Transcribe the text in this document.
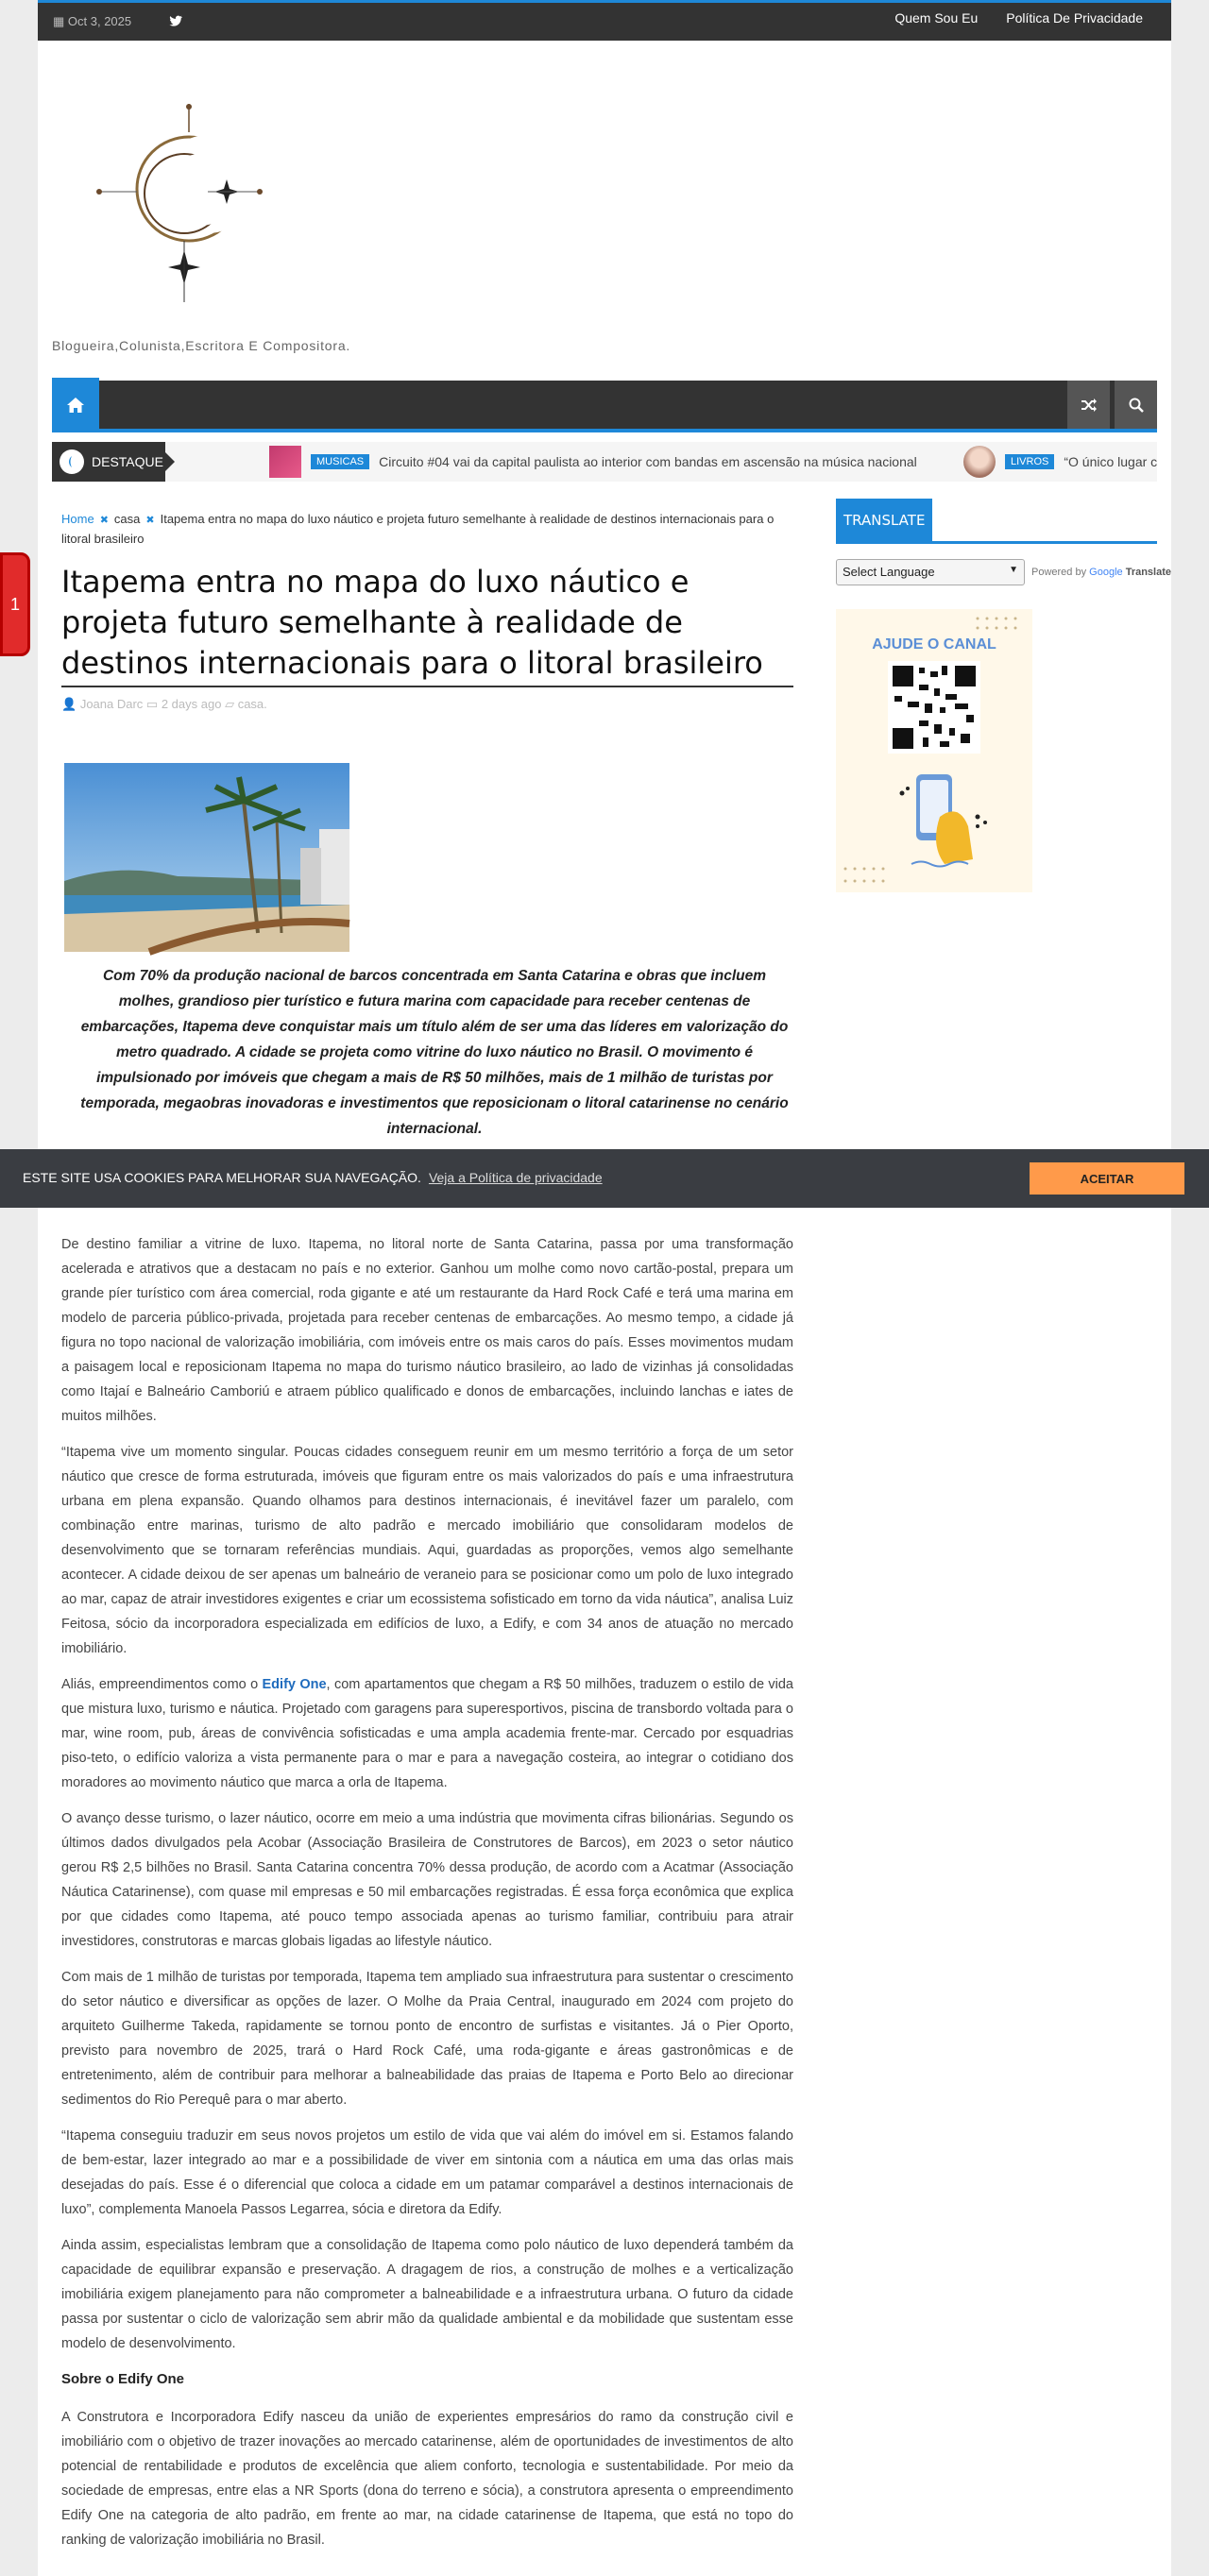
▦ Oct 3, 2025	Quem Sou Eu Política De Privacidade
Blogueira,Colunista,Escritora E Compositora.
DESTAQUE	MUSICAS	Circuito #04 vai da capital paulista ao interior com bandas em ascensão na música nacional	LIVROS	“O único lugar c
1
Home ✖ casa ✖ Itapema entra no mapa do luxo náutico e projeta futuro semelhante à realidade de destinos internacionais para o litoral brasileiro
Itapema entra no mapa do luxo náutico e projeta futuro semelhante à realidade de destinos internacionais para o litoral brasileiro
👤 Joana Darc ▭ 2 days ago ▱ casa.
Com 70% da produção nacional de barcos concentrada em Santa Catarina e obras que incluem molhes, grandioso pier turístico e futura marina com capacidade para receber centenas de embarcações, Itapema deve conquistar mais um título além de ser uma das líderes em valorização do metro quadrado. A cidade se projeta como vitrine do luxo náutico no Brasil. O movimento é impulsionado por imóveis que chegam a mais de R$ 50 milhões, mais de 1 milhão de turistas por temporada, megaobras inovadoras e investimentos que reposicionam o litoral catarinense no cenário internacional.

De destino familiar a vitrine de luxo. Itapema, no litoral norte de Santa Catarina, passa por uma transformação acelerada e atrativos que a destacam no país e no exterior. Ganhou um molhe como novo cartão-postal, prepara um grande píer turístico com área comercial, roda gigante e até um restaurante da Hard Rock Café e terá uma marina em modelo de parceria público-privada, projetada para receber centenas de embarcações. Ao mesmo tempo, a cidade já figura no topo nacional de valorização imobiliária, com imóveis entre os mais caros do país. Esses movimentos mudam a paisagem local e reposicionam Itapema no mapa do turismo náutico brasileiro, ao lado de vizinhas já consolidadas como Itajaí e Balneário Camboriú e atraem público qualificado e donos de embarcações, incluindo lanchas e iates de muitos milhões.

“Itapema vive um momento singular. Poucas cidades conseguem reunir em um mesmo território a força de um setor náutico que cresce de forma estruturada, imóveis que figuram entre os mais valorizados do país e uma infraestrutura urbana em plena expansão. Quando olhamos para destinos internacionais, é inevitável fazer um paralelo, com combinação entre marinas, turismo de alto padrão e mercado imobiliário que consolidaram modelos de desenvolvimento que se tornaram referências mundiais. Aqui, guardadas as proporções, vemos algo semelhante acontecer. A cidade deixou de ser apenas um balneário de veraneio para se posicionar como um polo de luxo integrado ao mar, capaz de atrair investidores exigentes e criar um ecossistema sofisticado em torno da vida náutica”, analisa Luiz Feitosa, sócio da incorporadora especializada em edifícios de luxo, a Edify, e com 34 anos de atuação no mercado imobiliário.

Aliás, empreendimentos como o Edify One, com apartamentos que chegam a R$ 50 milhões, traduzem o estilo de vida que mistura luxo, turismo e náutica. Projetado com garagens para superesportivos, piscina de transbordo voltada para o mar, wine room, pub, áreas de convivência sofisticadas e uma ampla academia frente-mar. Cercado por esquadrias piso-teto, o edifício valoriza a vista permanente para o mar e para a navegação costeira, ao integrar o cotidiano dos moradores ao movimento náutico que marca a orla de Itapema.

O avanço desse turismo, o lazer náutico, ocorre em meio a uma indústria que movimenta cifras bilionárias. Segundo os últimos dados divulgados pela Acobar (Associação Brasileira de Construtores de Barcos), em 2023 o setor náutico gerou R$ 2,5 bilhões no Brasil. Santa Catarina concentra 70% dessa produção, de acordo com a Acatmar (Associação Náutica Catarinense), com quase mil empresas e 50 mil embarcações registradas. É essa força econômica que explica por que cidades como Itapema, até pouco tempo associada apenas ao turismo familiar, contribuiu para atrair investidores, construtoras e marcas globais ligadas ao lifestyle náutico.

Com mais de 1 milhão de turistas por temporada, Itapema tem ampliado sua infraestrutura para sustentar o crescimento do setor náutico e diversificar as opções de lazer. O Molhe da Praia Central, inaugurado em 2024 com projeto do arquiteto Guilherme Takeda, rapidamente se tornou ponto de encontro de surfistas e visitantes. Já o Pier Oporto, previsto para novembro de 2025, trará o Hard Rock Café, uma roda-gigante e áreas gastronômicas e de entretenimento, além de contribuir para melhorar a balneabilidade das praias de Itapema e Porto Belo ao direcionar sedimentos do Rio Perequê para o mar aberto.

“Itapema conseguiu traduzir em seus novos projetos um estilo de vida que vai além do imóvel em si. Estamos falando de bem-estar, lazer integrado ao mar e a possibilidade de viver em sintonia com a náutica em uma das orlas mais desejadas do país. Esse é o diferencial que coloca a cidade em um patamar comparável a destinos internacionais de luxo”, complementa Manoela Passos Legarrea, sócia e diretora da Edify.

Ainda assim, especialistas lembram que a consolidação de Itapema como polo náutico de luxo dependerá também da capacidade de equilibrar expansão e preservação. A dragagem de rios, a construção de molhes e a verticalização imobiliária exigem planejamento para não comprometer a balneabilidade e a infraestrutura urbana. O futuro da cidade passa por sustentar o ciclo de valorização sem abrir mão da qualidade ambiental e da mobilidade que sustentam esse modelo de desenvolvimento.

Sobre o Edify One

A Construtora e Incorporadora Edify nasceu da união de experientes empresários do ramo da construção civil e imobiliário com o objetivo de trazer inovações ao mercado catarinense, além de oportunidades de investimentos de alto potencial de rentabilidade e produtos de excelência que aliem conforto, tecnologia e sustentabilidade. Por meio da sociedade de empresas, entre elas a NR Sports (dona do terreno e sócia), a construtora apresenta o empreendimento Edify One na categoria de alto padrão, em frente ao mar, na cidade catarinense de Itapema, que está no topo do ranking de valorização imobiliária no Brasil.

TRANSLATE
Select Language	▼ Powered by Google Translate
AJUDE O CANAL
ESTE SITE USA COOKIES PARA MELHORAR SUA NAVEGAÇÃO. Veja a Política de privacidade	ACEITAR
